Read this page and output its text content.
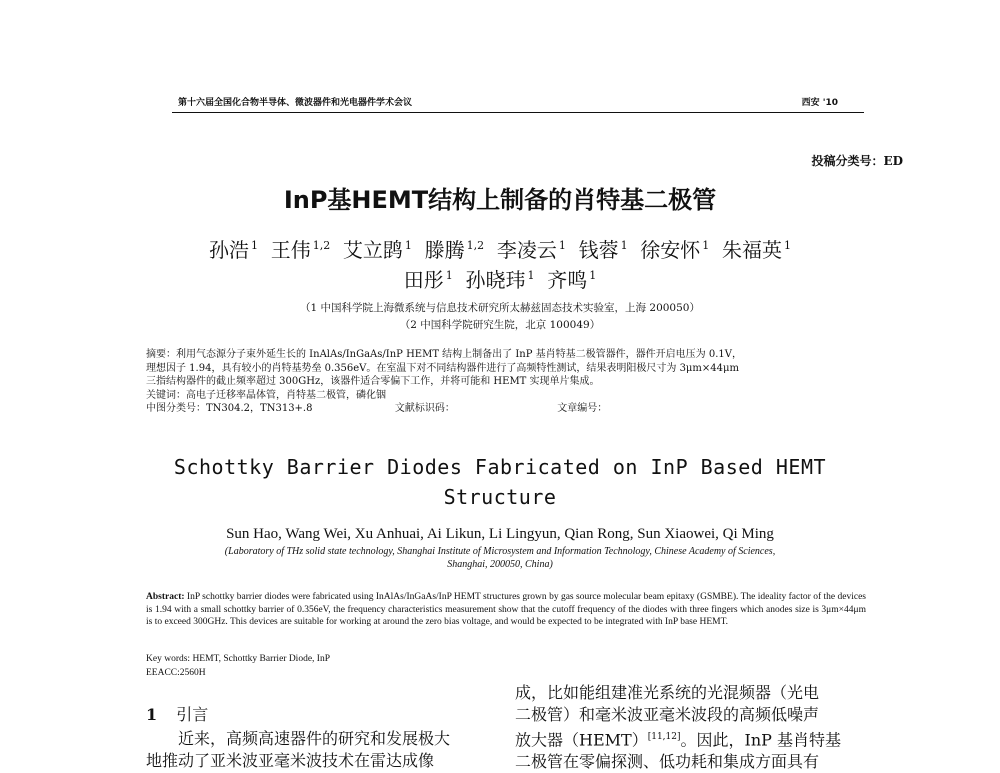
第十六届全国化合物半导体、微波器件和光电器件学术会议	西安 '10
投稿分类号：ED
InP基HEMT结构上制备的肖特基二极管
孙浩 $^1$ 王伟 $^{1,2}$ 艾立鹍 $^1$ 滕腾 $^{1,2}$ 李凌云 $^1$ 钱蓉 $^1$ 徐安怀 $^1$ 朱福英 $^1$
田彤 $^1$ 孙晓玮 $^1$ 齐鸣 $^1$
（1 中国科学院上海微系统与信息技术研究所太赫兹固态技术实验室，上海 200050）
（2 中国科学院研究生院，北京 100049）
摘要：利用气态源分子束外延生长的 InAlAs/InGaAs/InP HEMT 结构上制备出了 InP 基肖特基二极管器件，器件开启电压为 0.1V，
理想因子 1.94，具有较小的肖特基势垒 0.356eV。在室温下对不同结构器件进行了高频特性测试，结果表明阳极尺寸为 3μm×44μm
三指结构器件的截止频率超过 300GHz，该器件适合零偏下工作，并将可能和 HEMT 实现单片集成。
关键词：高电子迁移率晶体管，肖特基二极管，磷化铟
中图分类号：TN304.2，TN313+.8	文献标识码：	文章编号：
Schottky Barrier Diodes Fabricated on InP Based HEMT
Structure
Sun Hao, Wang Wei, Xu Anhuai, Ai Likun, Li Lingyun, Qian Rong, Sun Xiaowei, Qi Ming
(Laboratory of THz solid state technology, Shanghai Institute of Microsystem and Information Technology, Chinese Academy of Sciences,
Shanghai, 200050, China)
Abstract: InP schottky barrier diodes were fabricated using InAlAs/InGaAs/InP HEMT structures grown by gas source molecular beam epitaxy (GSMBE). The ideality factor of the devices is 1.94 with a small schottky barrier of 0.356eV, the frequency characteristics measurement show that the cutoff frequency of the diodes with three fingers which anodes size is 3μm×44μm is to exceed 300GHz. This devices are suitable for working at around the zero bias voltage, and would be expected to be integrated with InP base HEMT.
Key words: HEMT, Schottky Barrier Diode, InP
EEACC:2560H
1 引言
近来，高频高速器件的研究和发展极大
地推动了亚米波亚毫米波技术在雷达成像
成，比如能组建准光系统的光混频器（光电
二极管）和毫米波亚毫米波段的高频低噪声
放大器（HEMT）[11,12]。因此，InP 基肖特基
二极管在零偏探测、低功耗和集成方面具有
